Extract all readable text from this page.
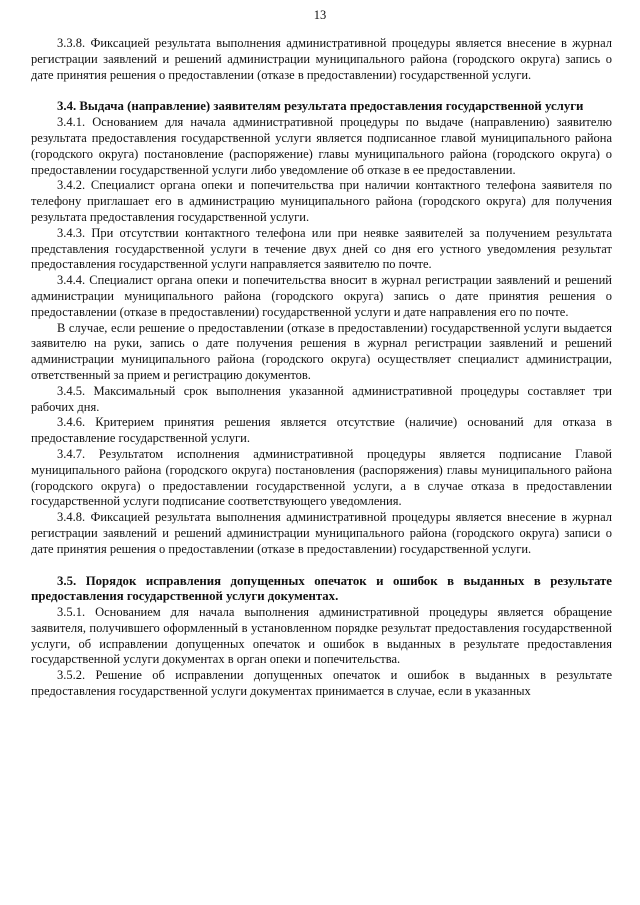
13

3.3.8. Фиксацией результата выполнения административной процедуры является внесение в журнал регистрации заявлений и решений администрации муниципального района (городского округа) запись о дате принятия решения о предоставлении (отказе в предоставлении) государственной услуги.

3.4. Выдача (направление) заявителям результата предоставления государственной услуги

3.4.1. Основанием для начала административной процедуры по выдаче (направлению) заявителю результата предоставления государственной услуги является подписанное главой муниципального района (городского округа) постановление (распоряжение) главы муниципального района (городского округа) о предоставлении государственной услуги либо уведомление об отказе в ее предоставлении.

3.4.2. Специалист органа опеки и попечительства при наличии контактного телефона заявителя по телефону приглашает его в администрацию муниципального района (городского округа) для получения результата предоставления государственной услуги.

3.4.3. При отсутствии контактного телефона или при неявке заявителей за получением результата представления государственной услуги в течение двух дней со дня его устного уведомления результат предоставления государственной услуги направляется заявителю по почте.

3.4.4. Специалист органа опеки и попечительства вносит в журнал регистрации заявлений и решений администрации муниципального района (городского округа) запись о дате принятия решения о предоставлении (отказе в предоставлении) государственной услуги и дате направления его по почте.

В случае, если решение о предоставлении (отказе в предоставлении) государственной услуги выдается заявителю на руки, запись о дате получения решения в журнал регистрации заявлений и решений администрации муниципального района (городского округа) осуществляет специалист администрации, ответственный за прием и регистрацию документов.

3.4.5. Максимальный срок выполнения указанной административной процедуры составляет три рабочих дня.

3.4.6. Критерием принятия решения является отсутствие (наличие) оснований для отказа в предоставление государственной услуги.

3.4.7. Результатом исполнения административной процедуры является подписание Главой муниципального района (городского округа) постановления (распоряжения) главы муниципального района (городского округа) о предоставлении государственной услуги, а в случае отказа в предоставлении государственной услуги подписание соответствующего уведомления.

3.4.8. Фиксацией результата выполнения административной процедуры является внесение в журнал регистрации заявлений и решений администрации муниципального района (городского округа) записи о дате принятия решения о предоставлении (отказе в предоставлении) государственной услуги.

3.5. Порядок исправления допущенных опечаток и ошибок в выданных в результате предоставления государственной услуги документах.

3.5.1. Основанием для начала выполнения административной процедуры является обращение заявителя, получившего оформленный в установленном порядке результат предоставления государственной услуги, об исправлении допущенных опечаток и ошибок в выданных в результате предоставления государственной услуги документах в орган опеки и попечительства.

3.5.2. Решение об исправлении допущенных опечаток и ошибок в выданных в результате предоставления государственной услуги документах принимается в случае, если в указанных
